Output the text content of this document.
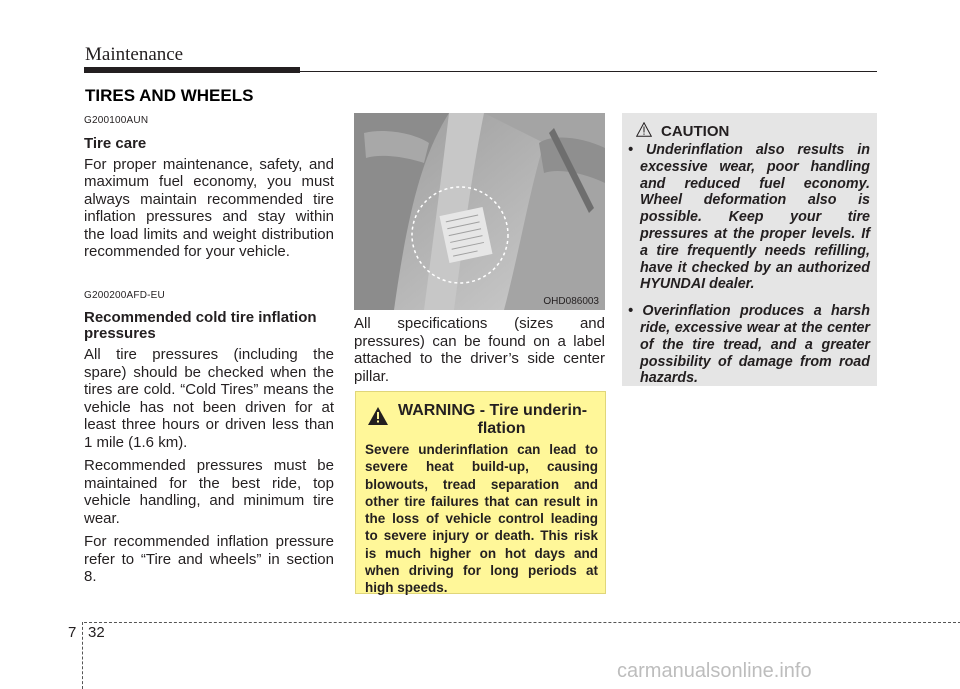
Maintenance
TIRES AND WHEELS
G200100AUN
Tire care
For proper maintenance, safety, and maximum fuel economy, you must always maintain recommended tire inflation pressures and stay within the load limits and weight distribution recommended for your vehicle.
G200200AFD-EU
Recommended cold tire inflation pressures
All tire pressures (including the spare) should be checked when the tires are cold. “Cold Tires” means the vehicle has not been driven for at least three hours or driven less than 1 mile (1.6 km).
Recommended pressures must be maintained for the best ride, top vehicle handling, and minimum tire wear.
For recommended inflation pressure refer to “Tire and wheels” in section 8.
OHD086003
All specifications (sizes and pressures) can be found on a label attached to the driver’s side center pillar.
WARNING - Tire underin-
flation
Severe underinflation can lead to severe heat build-up, causing blowouts, tread separation and other tire failures that can result in the loss of vehicle control leading to severe injury or death. This risk is much higher on hot days and when driving for long periods at high speeds.
CAUTION
• Underinflation also results in excessive wear, poor handling and reduced fuel economy. Wheel deformation also is possible. Keep your tire pressures at the proper levels. If a tire frequently needs refilling, have it checked by an authorized HYUNDAI dealer.
• Overinflation produces a harsh ride, excessive wear at the center of the tire tread, and a greater possibility of damage from road hazards.
7 32
carmanualsonline.info
